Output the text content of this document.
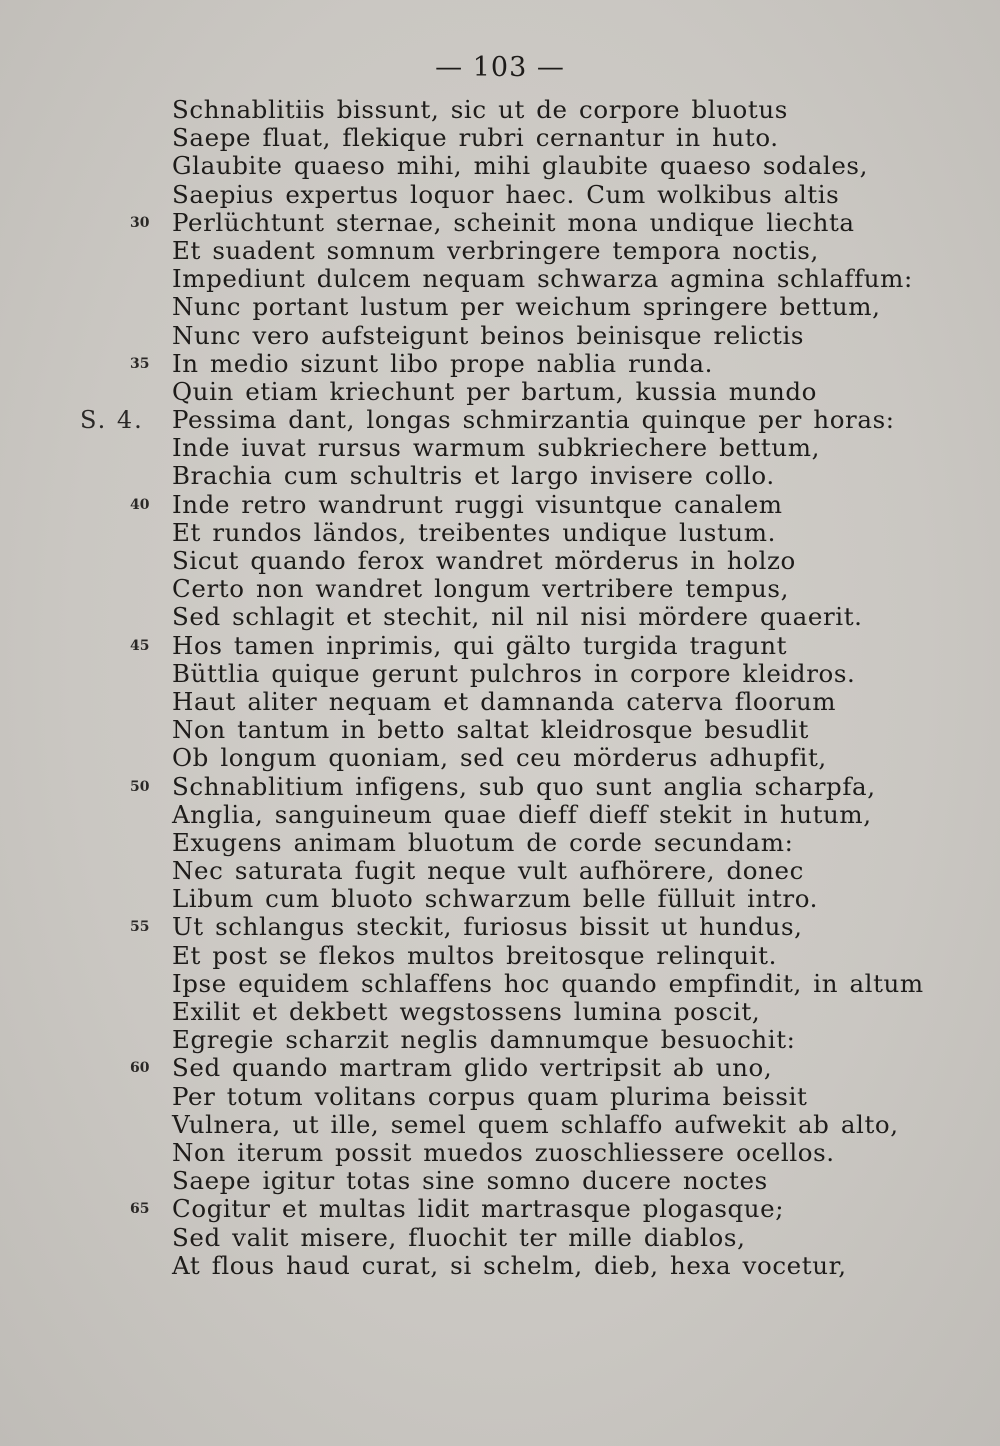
— 103 —
Schnablitiis bissunt, sic ut de corpore bluotus
Saepe fluat, flekique rubri cernantur in huto.
Glaubite quaeso mihi, mihi glaubite quaeso sodales,
Saepius expertus loquor haec. Cum wolkibus altis
30 Perlüchtunt sternae, scheinit mona undique liechta
Et suadent somnum verbringere tempora noctis,
Impediunt dulcem nequam schwarza agmina schlaffum:
Nunc portant lustum per weichum springere bettum,
Nunc vero aufsteigunt beinos beinisque relictis
35 In medio sizunt libo prope nablia runda.
Quin etiam kriechunt per bartum, kussia mundo
S. 4. Pessima dant, longas schmirzantia quinque per horas:
Inde iuvat rursus warmum subkriechere bettum,
Brachia cum schultris et largo invisere collo.
40 Inde retro wandrunt ruggi visuntque canalem
Et rundos ländos, treibentes undique lustum.
Sicut quando ferox wandret mörderus in holzo
Certo non wandret longum vertribere tempus,
Sed schlagit et stechit, nil nil nisi mördere quaerit.
45 Hos tamen inprimis, qui gälto turgida tragunt
Büttlia quique gerunt pulchros in corpore kleidros.
Haut aliter nequam et damnanda caterva floorum
Non tantum in betto saltat kleidrosque besudlit
Ob longum quoniam, sed ceu mörderus adhupfit,
50 Schnablitium infigens, sub quo sunt anglia scharpfa,
Anglia, sanguineum quae dieff dieff stekit in hutum,
Exugens animam bluotum de corde secundam:
Nec saturata fugit neque vult aufhörere, donec
Libum cum bluoto schwarzum belle fülluit intro.
55 Ut schlangus steckit, furiosus bissit ut hundus,
Et post se flekos multos breitosque relinquit.
Ipse equidem schlaffens hoc quando empfindit, in altum
Exilit et dekbett wegstossens lumina poscit,
Egregie scharzit neglis damnumque besuochit:
60 Sed quando martram glido vertripsit ab uno,
Per totum volitans corpus quam plurima beissit
Vulnera, ut ille, semel quem schlaffo aufwekit ab alto,
Non iterum possit muedos zuoschliessere ocellos.
Saepe igitur totas sine somno ducere noctes
65 Cogitur et multas lidit martrasque plogasque;
Sed valit misere, fluochit ter mille diablos,
At flous haud curat, si schelm, dieb, hexa vocetur,
